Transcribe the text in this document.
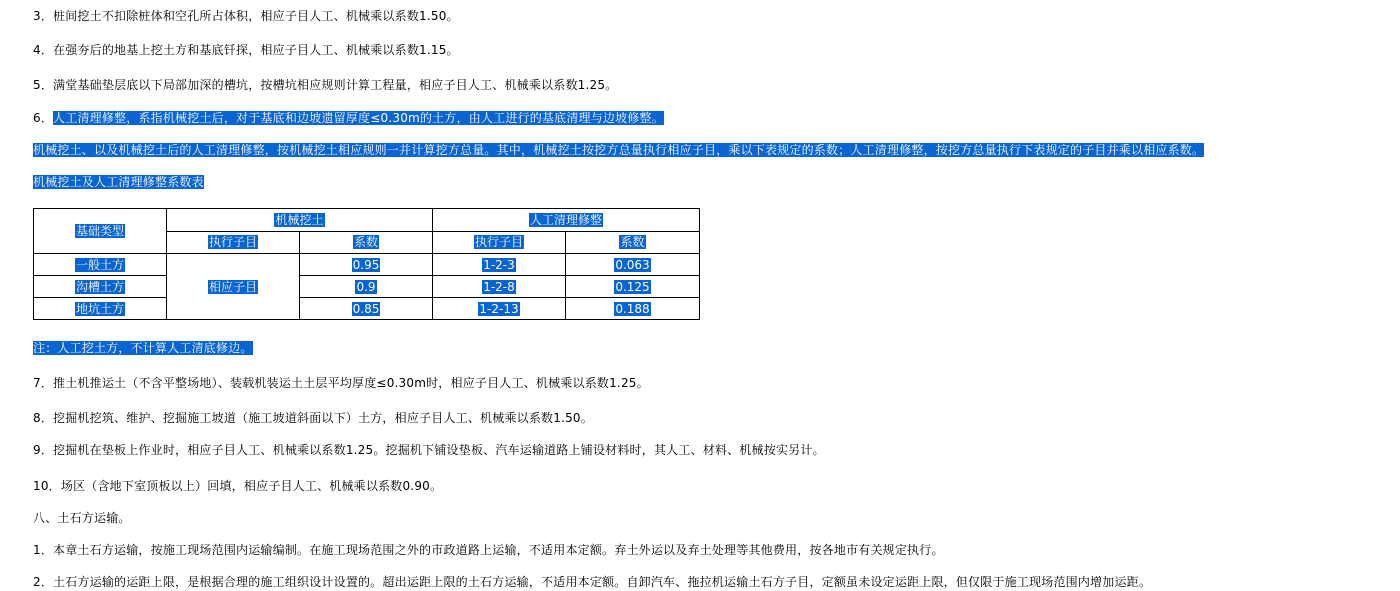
3．桩间挖土不扣除桩体和空孔所占体积，相应子目人工、机械乘以系数1.50。
4．在强夯后的地基上挖土方和基底钎探，相应子目人工、机械乘以系数1.15。
5．满堂基础垫层底以下局部加深的槽坑，按槽坑相应规则计算工程量，相应子目人工、机械乘以系数1.25。
6．人工清理修整，系指机械挖土后，对于基底和边坡遗留厚度≤0.30m的土方，由人工进行的基底清理与边坡修整。
机械挖土、以及机械挖土后的人工清理修整，按机械挖土相应规则一并计算挖方总量。其中，机械挖土按挖方总量执行相应子目，乘以下表规定的系数；人工清理修整，按挖方总量执行下表规定的子目并乘以相应系数。
机械挖土及人工清理修整系数表
基础类型	机械挖土		人工清理修整	
	执行子目	系数	执行子目	系数
一般土方	相应子目	0.95	1-2-3	0.063
沟槽土方		0.9	1-2-8	0.125
地坑土方		0.85	1-2-13	0.188
注：人工挖土方，不计算人工清底修边。
7．推土机推运土（不含平整场地）、装载机装运土土层平均厚度≤0.30m时，相应子目人工、机械乘以系数1.25。
8．挖掘机挖筑、维护、挖掘施工坡道（施工坡道斜面以下）土方，相应子目人工、机械乘以系数1.50。
9．挖掘机在垫板上作业时，相应子目人工、机械乘以系数1.25。挖掘机下铺设垫板、汽车运输道路上铺设材料时，其人工、材料、机械按实另计。
10．场区（含地下室顶板以上）回填，相应子目人工、机械乘以系数0.90。
八、土石方运输。
1．本章土石方运输，按施工现场范围内运输编制。在施工现场范围之外的市政道路上运输，不适用本定额。弃土外运以及弃土处理等其他费用，按各地市有关规定执行。
2．土石方运输的运距上限，是根据合理的施工组织设计设置的。超出运距上限的土石方运输，不适用本定额。自卸汽车、拖拉机运输土石方子目，定额虽未设定运距上限，但仅限于施工现场范围内增加运距。
